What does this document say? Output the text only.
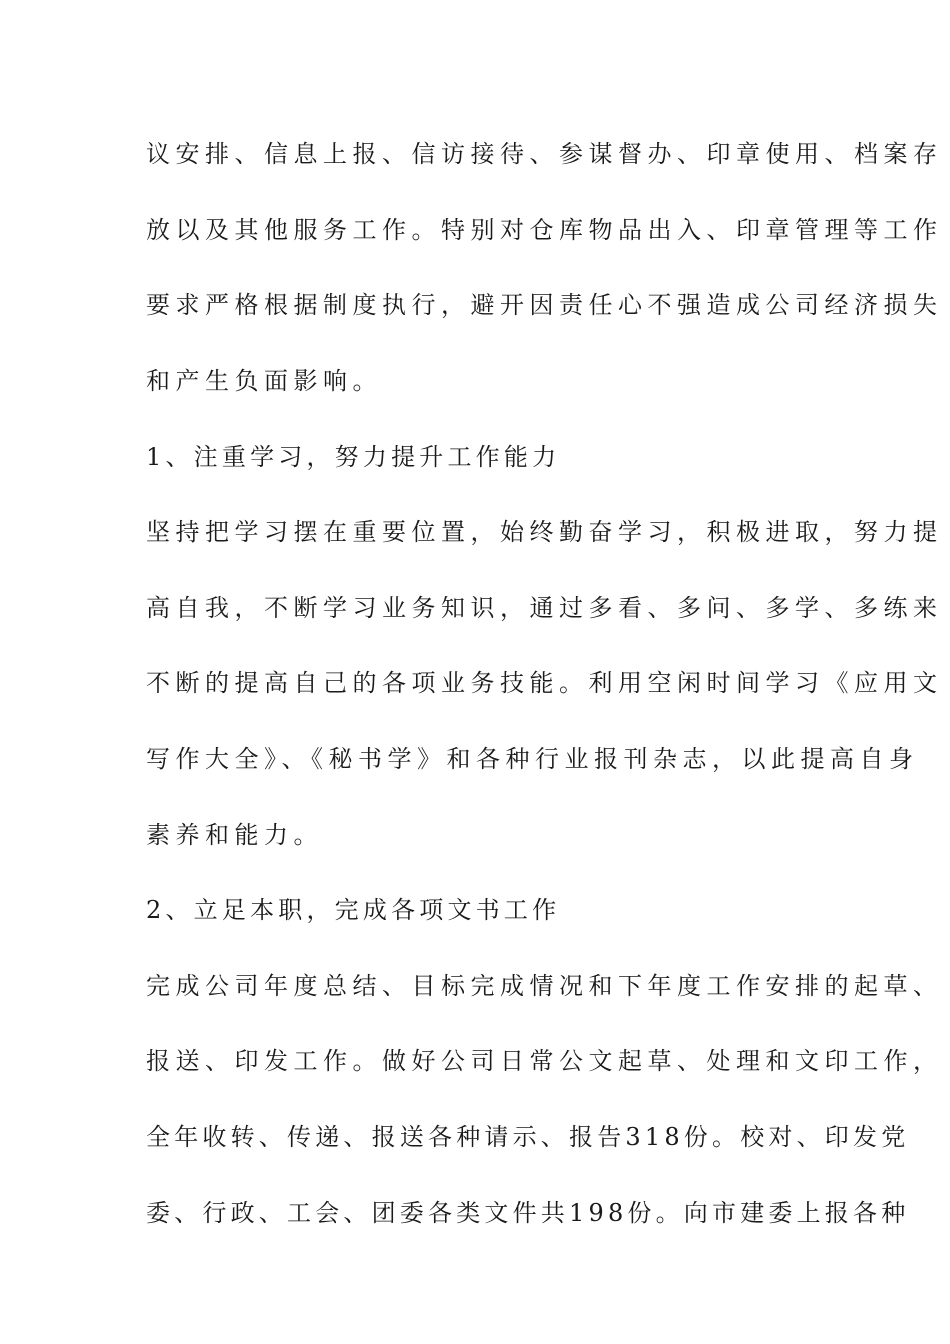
议安排、信息上报、信访接待、参谋督办、印章使用、档案存
放以及其他服务工作。特别对仓库物品出入、印章管理等工作
要求严格根据制度执行，避开因责任心不强造成公司经济损失
和产生负面影响。
1、注重学习，努力提升工作能力
坚持把学习摆在重要位置，始终勤奋学习，积极进取，努力提
高自我，不断学习业务知识，通过多看、多问、多学、多练来
不断的提高自己的各项业务技能。利用空闲时间学习《应用文
写作大全》、《秘书学》和各种行业报刊杂志，以此提高自身
素养和能力。
2、立足本职，完成各项文书工作
完成公司年度总结、目标完成情况和下年度工作安排的起草、
报送、印发工作。做好公司日常公文起草、处理和文印工作，
全年收转、传递、报送各种请示、报告318份。校对、印发党
委、行政、工会、团委各类文件共198份。向市建委上报各种
